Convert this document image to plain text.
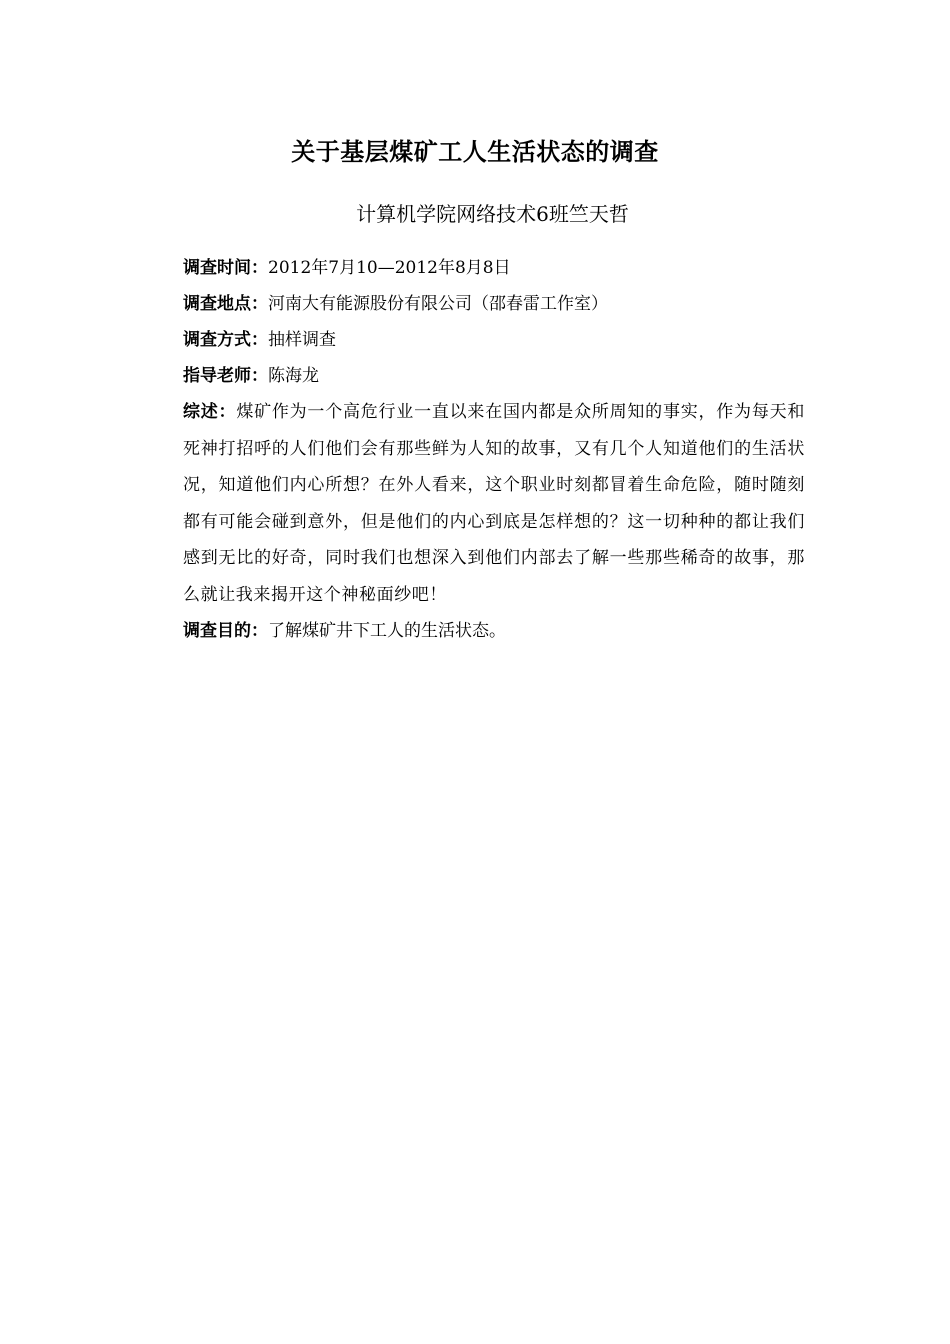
关于基层煤矿工人生活状态的调查
计算机学院网络技术6班竺天哲

调查时间：2012年7月10—2012年8月8日

调查地点：河南大有能源股份有限公司（邵春雷工作室）

调查方式：抽样调查

指导老师：陈海龙

综述：煤矿作为一个高危行业一直以来在国内都是众所周知的事实，作为每天和死神打招呼的人们他们会有那些鲜为人知的故事，又有几个人知道他们的生活状况，知道他们内心所想？在外人看来，这个职业时刻都冒着生命危险，随时随刻都有可能会碰到意外，但是他们的内心到底是怎样想的？这一切种种的都让我们感到无比的好奇，同时我们也想深入到他们内部去了解一些那些稀奇的故事，那么就让我来揭开这个神秘面纱吧！

调查目的：了解煤矿井下工人的生活状态。
